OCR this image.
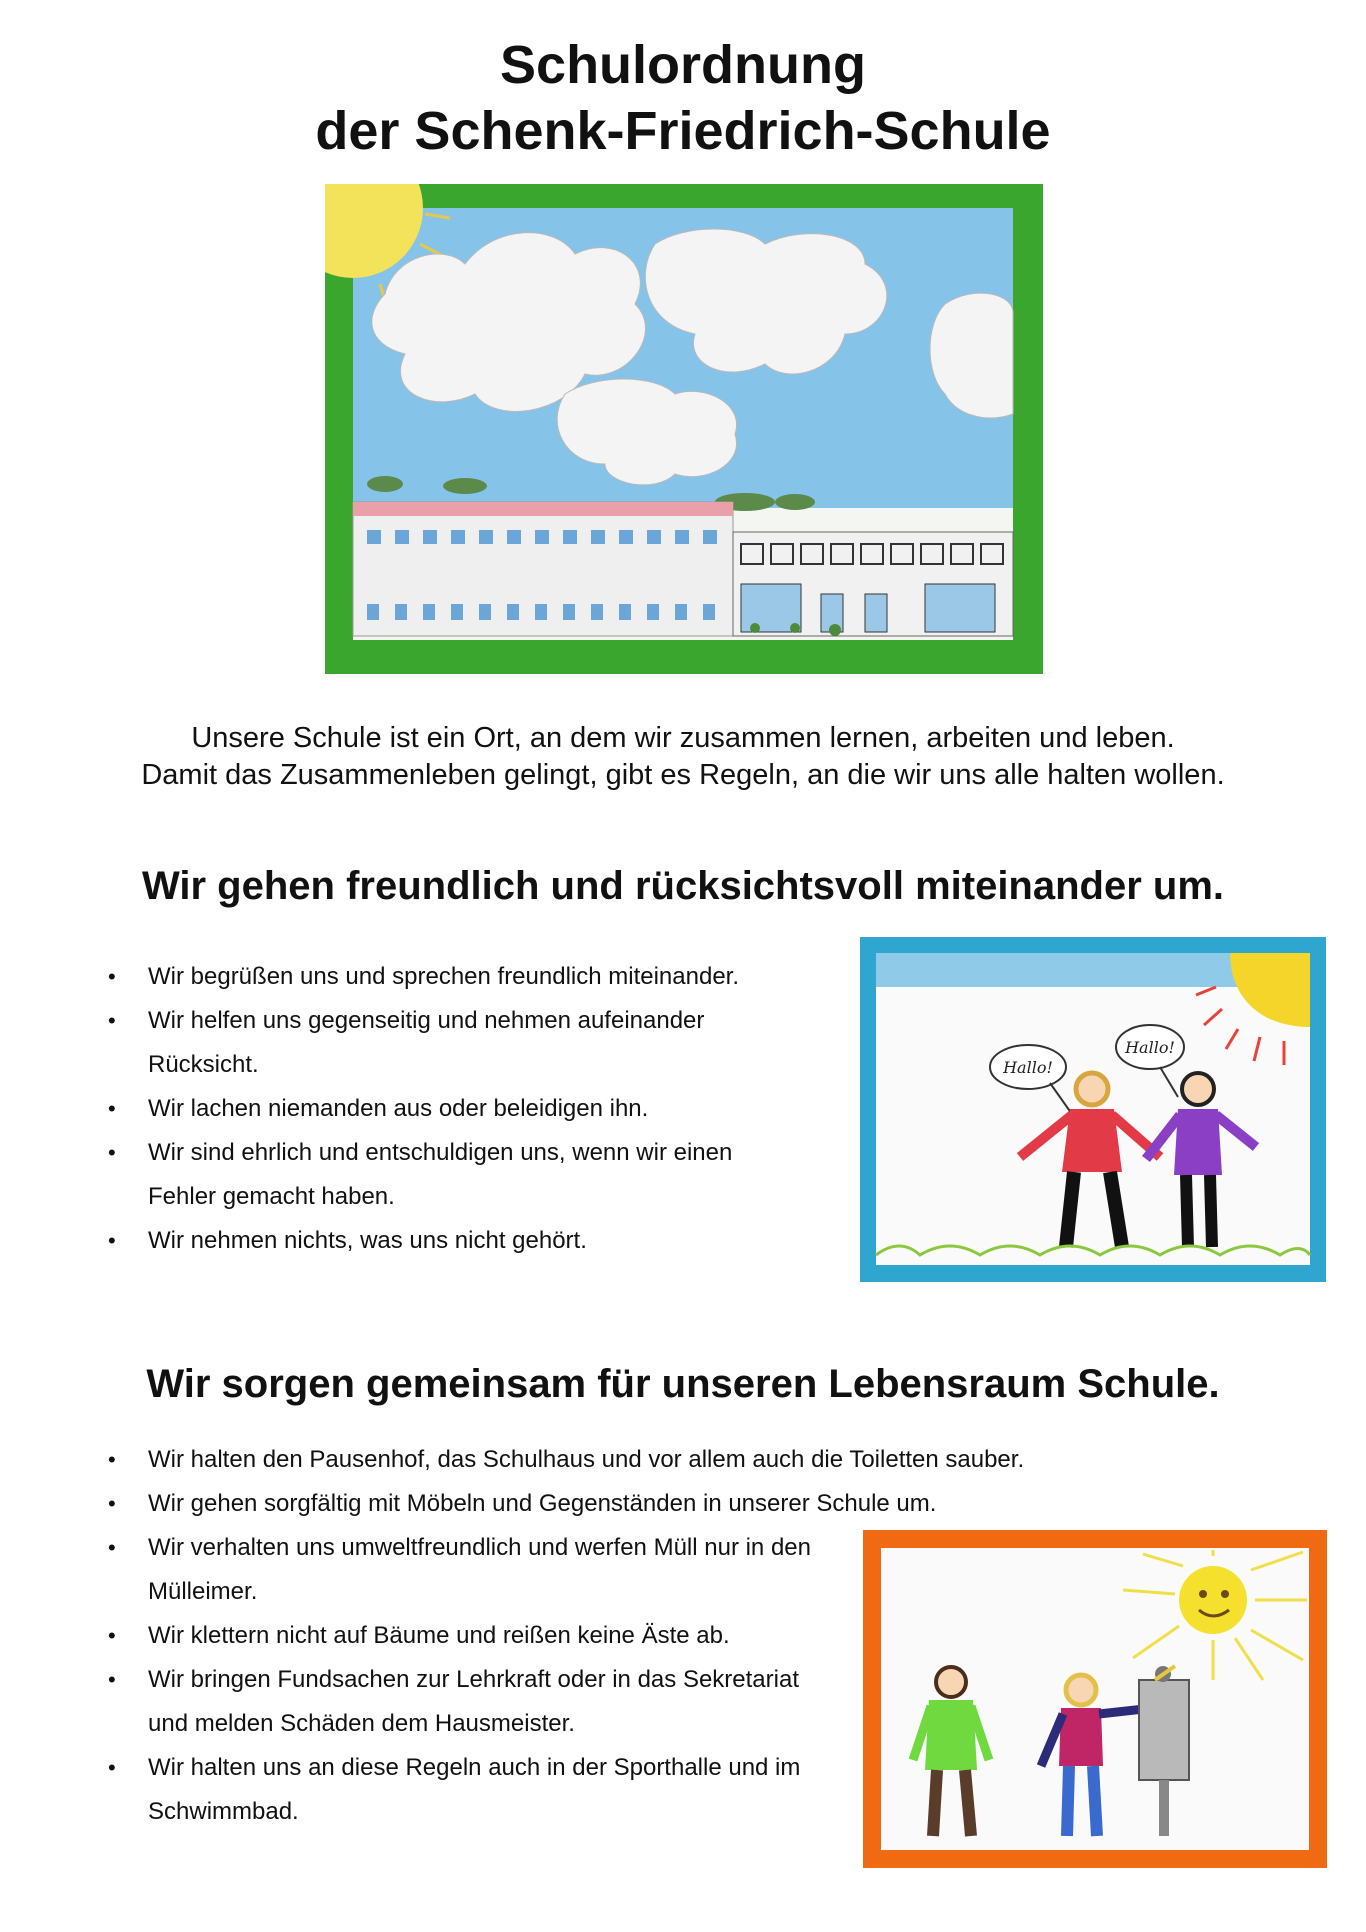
Schulordnung
der Schenk-Friedrich-Schule
Unsere Schule ist ein Ort, an dem wir zusammen lernen, arbeiten und leben.
Damit das Zusammenleben gelingt, gibt es Regeln, an die wir uns alle halten wollen.
Wir gehen freundlich und rücksichtsvoll miteinander um.
• Wir begrüßen uns und sprechen freundlich miteinander.
• Wir helfen uns gegenseitig und nehmen aufeinander
Rücksicht.
• Wir lachen niemanden aus oder beleidigen ihn.
• Wir sind ehrlich und entschuldigen uns, wenn wir einen
Fehler gemacht haben.
• Wir nehmen nichts, was uns nicht gehört.
Hallo!
Hallo!
Wir sorgen gemeinsam für unseren Lebensraum Schule.
• Wir halten den Pausenhof, das Schulhaus und vor allem auch die Toiletten sauber.
• Wir gehen sorgfältig mit Möbeln und Gegenständen in unserer Schule um.
• Wir verhalten uns umweltfreundlich und werfen Müll nur in den
Mülleimer.
• Wir klettern nicht auf Bäume und reißen keine Äste ab.
• Wir bringen Fundsachen zur Lehrkraft oder in das Sekretariat
und melden Schäden dem Hausmeister.
• Wir halten uns an diese Regeln auch in der Sporthalle und im
Schwimmbad.
